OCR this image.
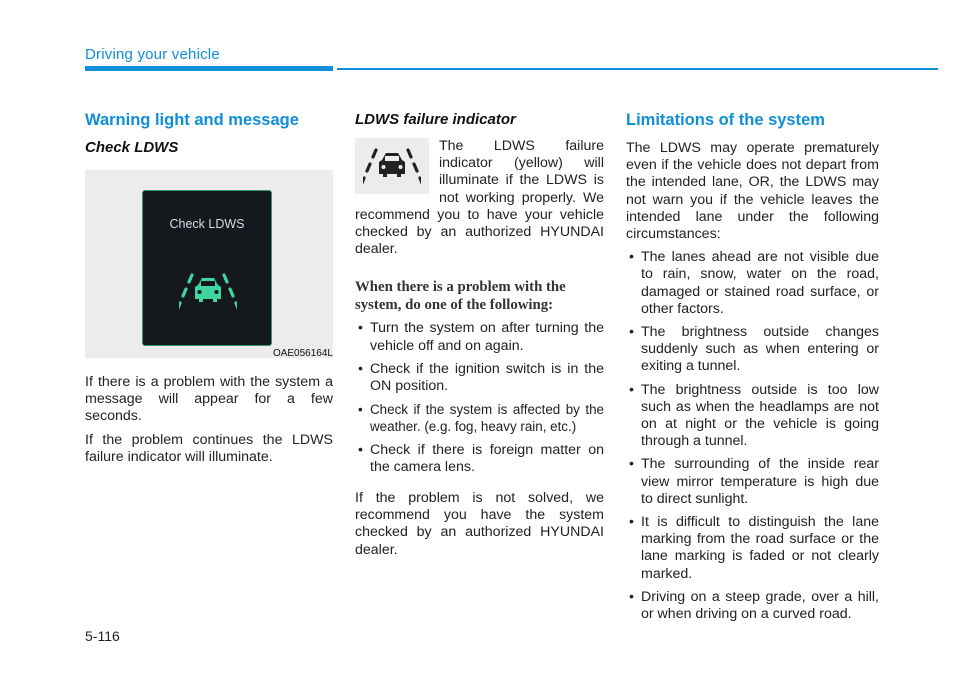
Driving your vehicle
Warning light and message
Check LDWS
Check LDWS
OAE056164L

If there is a problem with the system a message will appear for a few seconds.

If the problem continues the LDWS failure indicator will illuminate.

LDWS failure indicator

The LDWS failure indicator (yellow) will illuminate if the LDWS is not working properly. We recommend you to have your vehicle checked by an authorized HYUNDAI dealer.

When there is a problem with the system, do one of the following:

• Turn the system on after turning the vehicle off and on again.
• Check if the ignition switch is in the ON position.
• Check if the system is affected by the weather. (e.g. fog, heavy rain, etc.)
• Check if there is foreign matter on the camera lens.

If the problem is not solved, we recommend you have the system checked by an authorized HYUNDAI dealer.

Limitations of the system

The LDWS may operate prematurely even if the vehicle does not depart from the intended lane, OR, the LDWS may not warn you if the vehicle leaves the intended lane under the following circumstances:

• The lanes ahead are not visible due to rain, snow, water on the road, damaged or stained road surface, or other factors.
• The brightness outside changes suddenly such as when entering or exiting a tunnel.
• The brightness outside is too low such as when the headlamps are not on at night or the vehicle is going through a tunnel.
• The surrounding of the inside rear view mirror temperature is high due to direct sunlight.
• It is difficult to distinguish the lane marking from the road surface or the lane marking is faded or not clearly marked.
• Driving on a steep grade, over a hill, or when driving on a curved road.
5-116
